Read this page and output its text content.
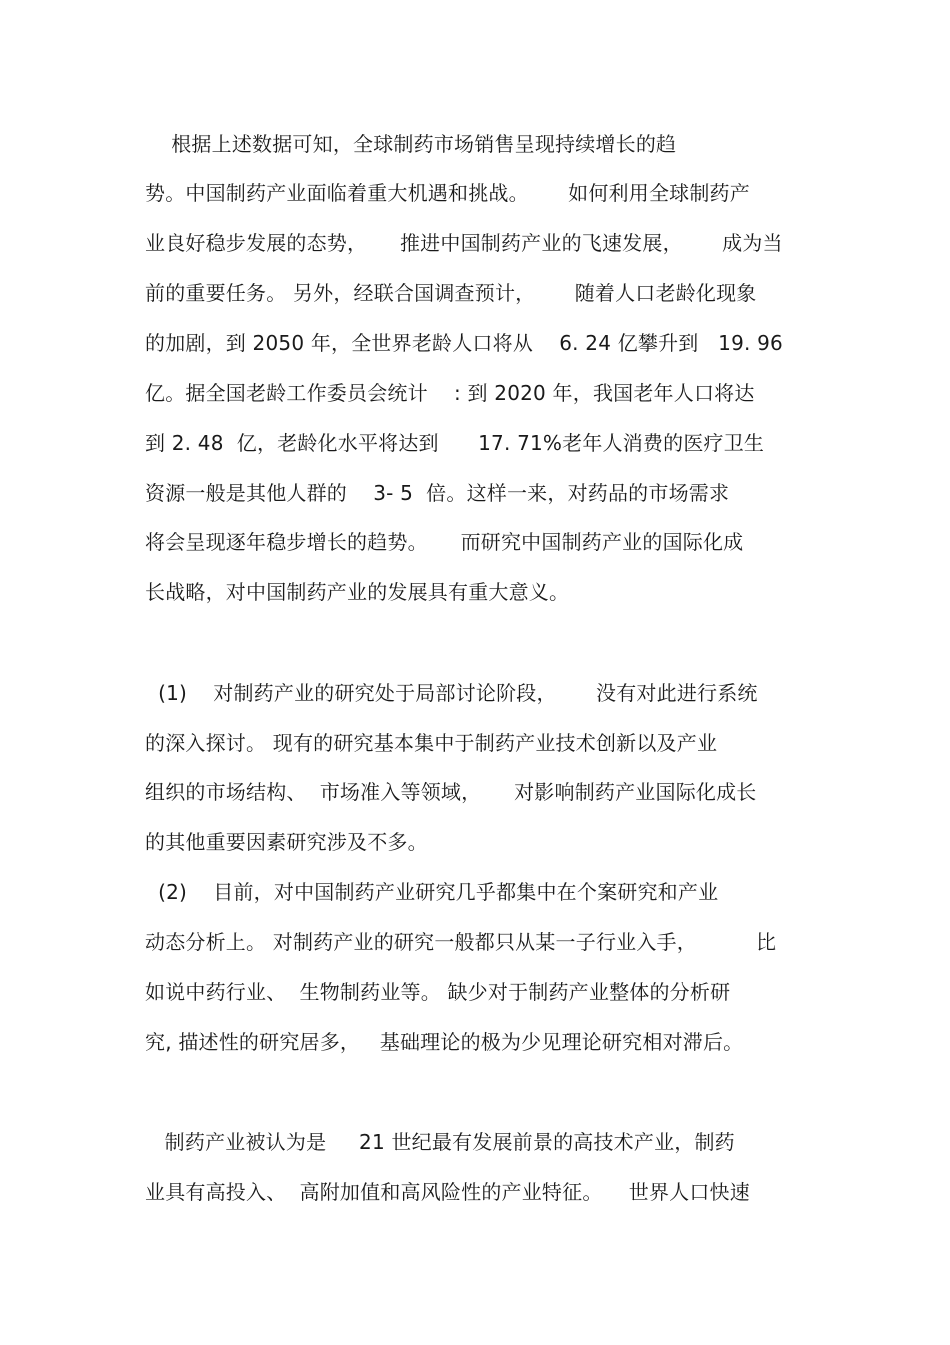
根据上述数据可知，全球制药市场销售呈现持续增长的趋
势。中国制药产业面临着重大机遇和挑战。      如何利用全球制药产
业良好稳步发展的态势，     推进中国制药产业的飞速发展，      成为当
前的重要任务。 另外，经联合国调查预计，      随着人口老龄化现象
的加剧，到 2050 年，全世界老龄人口将从    6. 24 亿攀升到   19. 96
亿。据全国老龄工作委员会统计    : 到 2020 年，我国老年人口将达
到 2. 48  亿，老龄化水平将达到      17. 71%老年人消费的医疗卫生
资源一般是其他人群的    3- 5  倍。这样一来，对药品的市场需求
将会呈现逐年稳步增长的趋势。     而研究中国制药产业的国际化成
长战略，对中国制药产业的发展具有重大意义。
(1)    对制药产业的研究处于局部讨论阶段，      没有对此进行系统
的深入探讨。 现有的研究基本集中于制药产业技术创新以及产业
组织的市场结构、  市场准入等领域，     对影响制药产业国际化成长
的其他重要因素研究涉及不多。
(2)    目前，对中国制药产业研究几乎都集中在个案研究和产业
动态分析上。 对制药产业的研究一般都只从某一子行业入手，         比
如说中药行业、  生物制药业等。 缺少对于制药产业整体的分析研
究, 描述性的研究居多，   基础理论的极为少见理论研究相对滞后。
制药产业被认为是     21 世纪最有发展前景的高技术产业，制药
业具有高投入、  高附加值和高风险性的产业特征。    世界人口快速
